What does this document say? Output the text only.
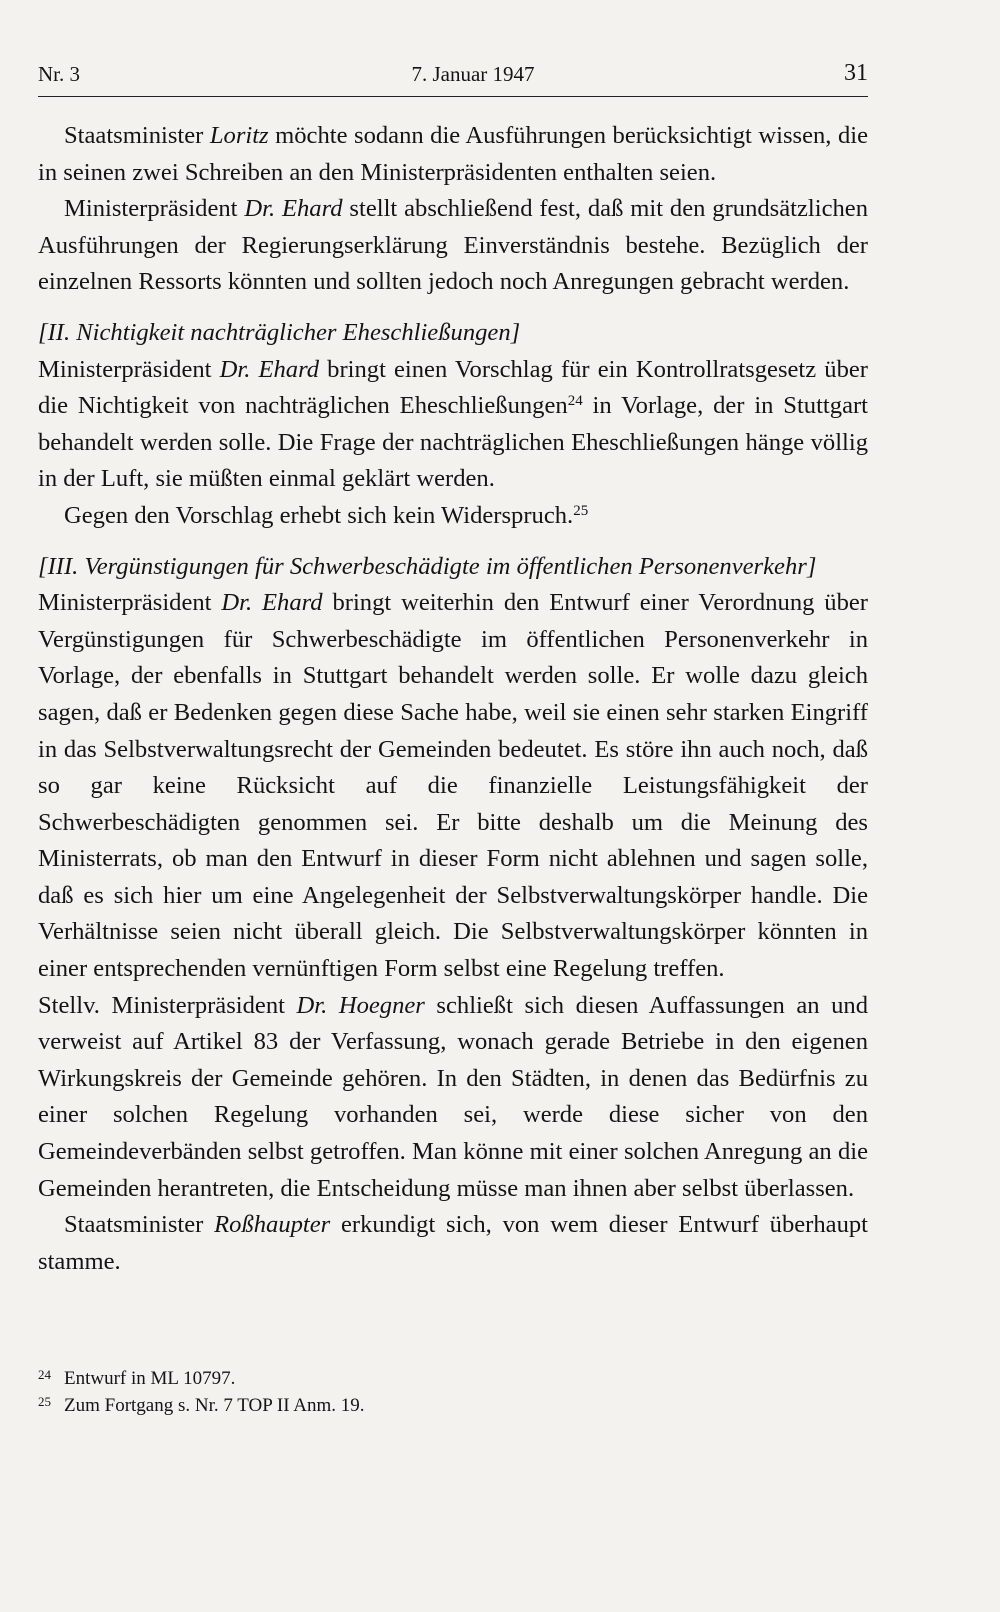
Nr. 3	7. Januar 1947	31

Staatsminister Loritz möchte sodann die Ausführungen berücksichtigt wissen, die in seinen zwei Schreiben an den Ministerpräsidenten enthalten seien.

Ministerpräsident Dr. Ehard stellt abschließend fest, daß mit den grundsätzlichen Ausführungen der Regierungserklärung Einverständnis bestehe. Bezüglich der einzelnen Ressorts könnten und sollten jedoch noch Anregungen gebracht werden.

[II. Nichtigkeit nachträglicher Eheschließungen]

Ministerpräsident Dr. Ehard bringt einen Vorschlag für ein Kontrollratsgesetz über die Nichtigkeit von nachträglichen Eheschließungen$^{24}$ in Vorlage, der in Stuttgart behandelt werden solle. Die Frage der nachträglichen Eheschließungen hänge völlig in der Luft, sie müßten einmal geklärt werden.

Gegen den Vorschlag erhebt sich kein Widerspruch.$^{25}$

[III. Vergünstigungen für Schwerbeschädigte im öffentlichen Personenverkehr]

Ministerpräsident Dr. Ehard bringt weiterhin den Entwurf einer Verordnung über Vergünstigungen für Schwerbeschädigte im öffentlichen Personenverkehr in Vorlage, der ebenfalls in Stuttgart behandelt werden solle. Er wolle dazu gleich sagen, daß er Bedenken gegen diese Sache habe, weil sie einen sehr starken Eingriff in das Selbstverwaltungsrecht der Gemeinden bedeutet. Es störe ihn auch noch, daß so gar keine Rücksicht auf die finanzielle Leistungsfähigkeit der Schwerbeschädigten genommen sei. Er bitte deshalb um die Meinung des Ministerrats, ob man den Entwurf in dieser Form nicht ablehnen und sagen solle, daß es sich hier um eine Angelegenheit der Selbstverwaltungskörper handle. Die Verhältnisse seien nicht überall gleich. Die Selbstverwaltungskörper könnten in einer entsprechenden vernünftigen Form selbst eine Regelung treffen.

Stellv. Ministerpräsident Dr. Hoegner schließt sich diesen Auffassungen an und verweist auf Artikel 83 der Verfassung, wonach gerade Betriebe in den eigenen Wirkungskreis der Gemeinde gehören. In den Städten, in denen das Bedürfnis zu einer solchen Regelung vorhanden sei, werde diese sicher von den Gemeindeverbänden selbst getroffen. Man könne mit einer solchen Anregung an die Gemeinden herantreten, die Entscheidung müsse man ihnen aber selbst überlassen.

Staatsminister Roßhaupter erkundigt sich, von wem dieser Entwurf überhaupt stamme.

24 Entwurf in ML 10797.
25 Zum Fortgang s. Nr. 7 TOP II Anm. 19.
